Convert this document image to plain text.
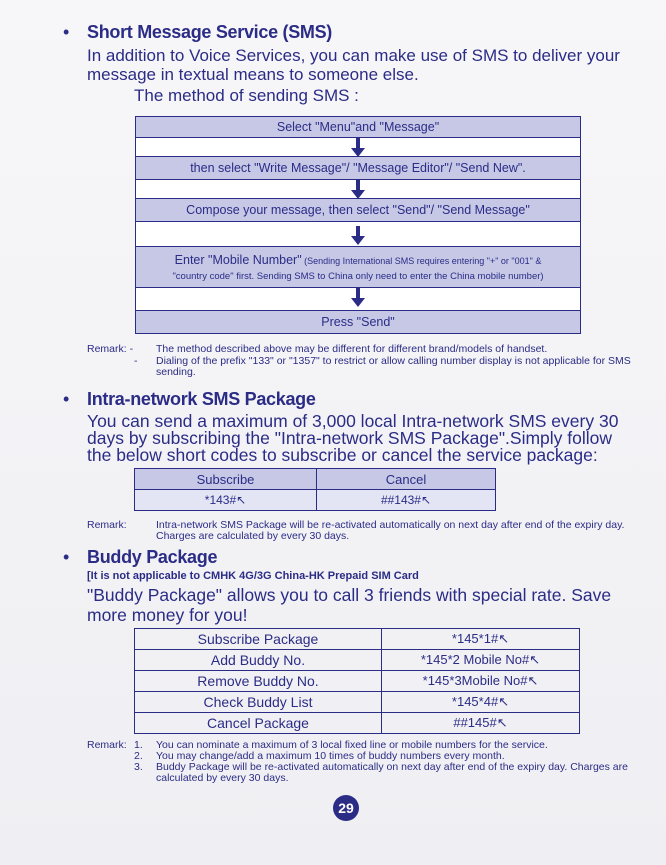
• Short Message Service (SMS)
In addition to Voice Services, you can make use of SMS to deliver your message in textual means to someone else.
The method of sending SMS :
Select "Menu"and "Message"
then select "Write Message"/ "Message Editor"/ "Send New".
Compose your message, then select "Send"/ "Send Message"
Enter "Mobile Number" (Sending International SMS requires entering "+" or "001" &
"country code" first. Sending SMS to China only need to enter the China mobile number)
Press "Send"
Remark: - The method described above may be different for different brand/models of handset.
- Dialing of the prefix "133" or "1357" to restrict or allow calling number display is not applicable for SMS sending.
• Intra-network SMS Package
You can send a maximum of 3,000 local Intra-network SMS every 30 days by subscribing the "Intra-network SMS Package".Simply follow the below short codes to subscribe or cancel the service package:
Subscribe	Cancel
*143#↖	##143#↖
Remark:	Intra-network SMS Package will be re-activated automatically on next day after end of the expiry day. Charges are calculated by every 30 days.
• Buddy Package
[It is not applicable to CMHK 4G/3G China-HK Prepaid SIM Card
"Buddy Package" allows you to call 3 friends with special rate. Save more money for you!
Subscribe Package	*145*1#↖
Add Buddy No.	*145*2 Mobile No#↖
Remove Buddy No.	*145*3Mobile No#↖
Check Buddy List	*145*4#↖
Cancel Package	##145#↖
Remark: 1. You can nominate a maximum of 3 local fixed line or mobile numbers for the service.
2. You may change/add a maximum 10 times of buddy numbers every month.
3. Buddy Package will be re-activated automatically on next day after end of the expiry day. Charges are calculated by every 30 days.
29
